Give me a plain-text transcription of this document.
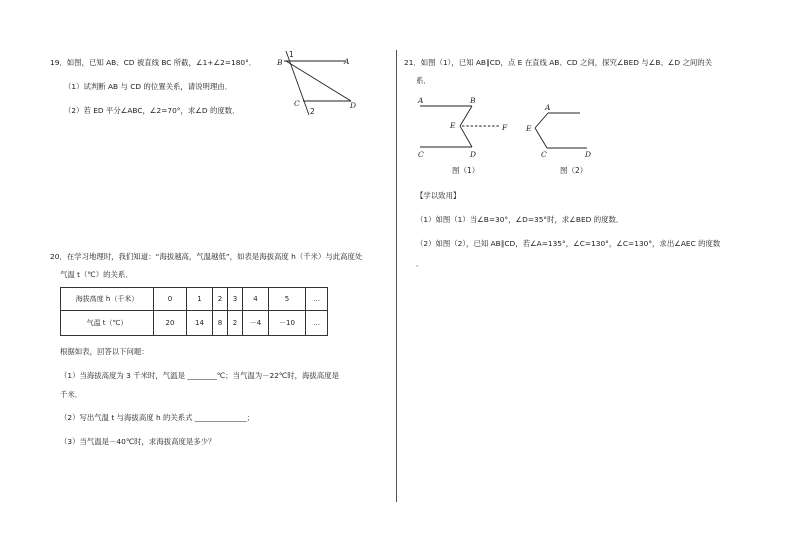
19．如图，已知 AB、CD 被直线 BC 所截，∠1+∠2=180°．
（1）试判断 AB 与 CD 的位置关系，请说明理由．
（2）若 ED 平分∠ABC，∠2=70°，求∠D 的度数．
B
1
A
C
2
D
20．在学习地理时，我们知道：“海拔越高，气温越低”，如表是海拔高度 h（千米）与此高度处
气温 t（℃）的关系．
海拔高度 h（千米）	0	1	2	3	4	5	…
气温 t（℃）	20	14	8	2	－4	－10	…
根据如表，回答以下问题：
（1）当海拔高度为 3 千米时，气温是 ________℃；当气温为－22℃时，海拔高度是
千米．
（2）写出气温 t 与海拔高度 h 的关系式 ______________；
（3）当气温是－40℃时，求海拔高度是多少？
21．如图（1），已知 AB∥CD，点 E 在直线 AB、CD 之间，探究∠BED 与∠B、∠D 之间的关
系．
A	B
E	F
C	D
图（1）
A
E
C	D
图（2）
【学以致用】
（1）如图（1）当∠B=30°，∠D=35°时，求∠BED 的度数．
（2）如图（2），已知 AB∥CD，若∠A=135°，∠C=130°，∠C=130°，求出∠AEC 的度数
．
